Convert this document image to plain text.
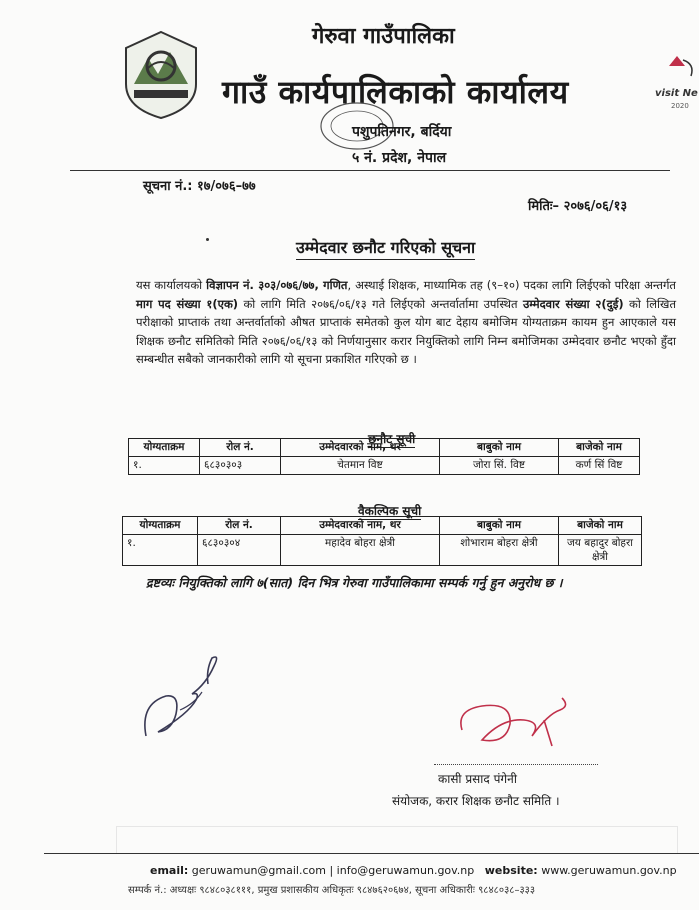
गेरुवा गाउँपालिका
गाउँ कार्यपालिकाको कार्यालय
पशुपतिनगर, बर्दिया
५ नं. प्रदेश, नेपाल
visit Ne
2020
सूचना नं.: १७/०७६–७७
मितिः– २०७६/०६/१३
उम्मेदवार छनौट गरिएको सूचना
यस कार्यालयको विज्ञापन नं. ३०३/०७६/७७, गणित, अस्थाई शिक्षक, माध्यामिक तह (९–१०) पदका लागि लिईएको परिक्षा अन्तर्गत माग पद संख्या १(एक) को लागि मिति २०७६/०६/१३ गते लिईएको अन्तर्वार्तामा उपस्थित उम्मेदवार संख्या २(दुई) को लिखित परीक्षाको प्राप्ताकं तथा अन्तर्वार्ताको औषत प्राप्ताकं समेतको कुल योग बाट देहाय बमोजिम योग्यताक्रम कायम हुन आएकाले यस शिक्षक छनौट समितिको मिति २०७६/०६/१३ को निर्णयानुसार करार नियुक्तिको लागि निम्न बमोजिमका उम्मेदवार छनौट भएको हुँदा सम्बन्धीत सबैको जानकारीको लागि यो सूचना प्रकाशित गरिएको छ ।
छनौट सूची
योग्यताक्रम	रोल नं.	उम्मेदवारको नाम, थर	बाबुको नाम	बाजेको नाम
१.	६८३०३०३	चेतमान विष्ट	जोरा सिं. विष्ट	कर्ण सिं विष्ट
वैकल्पिक सूची
योग्यताक्रम	रोल नं.	उम्मेदवारको नाम, थर	बाबुको नाम	बाजेको नाम
१.	६८३०३०४	महादेव बोहरा क्षेत्री	शोभाराम बोहरा क्षेत्री	जय बहादुर बोहरा क्षेत्री
द्रष्टव्यः नियुक्तिको लागि ७(सात) दिन भित्र गेरुवा गाउँपालिकामा सम्पर्क गर्नु हुन अनुरोध छ ।
कासी प्रसाद पंगेनी
संयोजक, करार शिक्षक छनौट समिति ।
email: geruwamun@gmail.com | info@geruwamun.gov.np website: www.geruwamun.gov.np
सम्पर्क नं.: अध्यक्षः ९८४८०३८१११, प्रमुख प्रशासकीय अधिकृतः ९८४७६२०६७४, सूचना अधिकारीः ९८४८०३८–३३३
